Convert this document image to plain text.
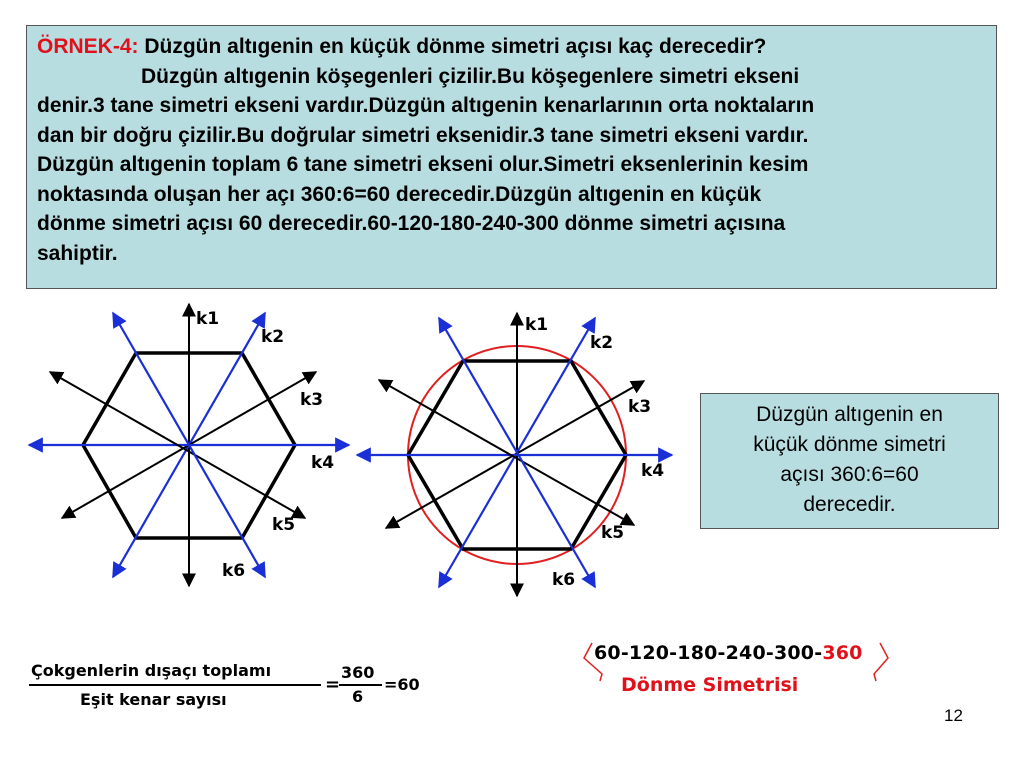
ÖRNEK-4: Düzgün altıgenin en küçük dönme simetri açısı kaç derecedir?
Düzgün altıgenin köşegenleri çizilir.Bu köşegenlere simetri ekseni
denir.3 tane simetri ekseni vardır.Düzgün altıgenin kenarlarının orta noktaların
dan bir doğru çizilir.Bu doğrular simetri eksenidir.3 tane simetri ekseni vardır.
Düzgün altıgenin toplam 6 tane simetri ekseni olur.Simetri eksenlerinin kesim
noktasında oluşan her açı 360:6=60 derecedir.Düzgün altıgenin en küçük
dönme simetri açısı 60 derecedir.60-120-180-240-300 dönme simetri açısına
sahiptir.
k1
k2
k3
k4
k5
k6
k1
k2
k3
k4
k5
k6
Düzgün altıgenin en
küçük dönme simetri
açısı 360:6=60
derecedir.
Çokgenlerin dışaçı toplamı
Eşit kenar sayısı
=
360
6
=60
60-120-180-240-300-360
Dönme Simetrisi
12
